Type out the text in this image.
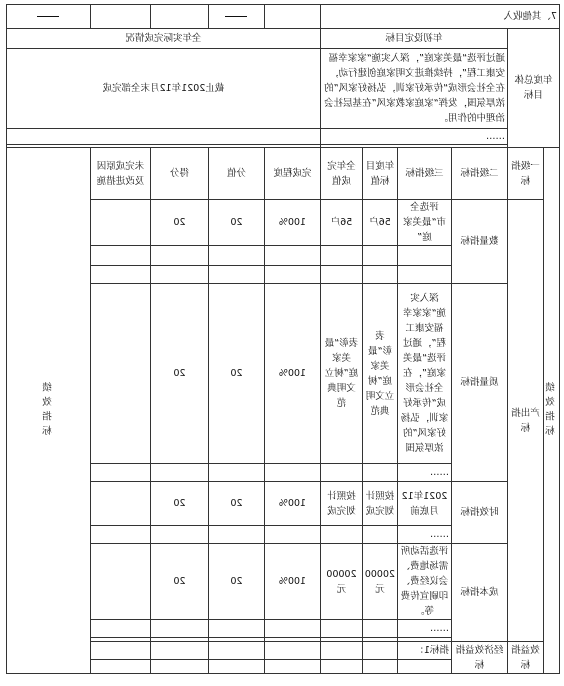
7、其他收入										
年度总体目标		年初设定目标				全年实际完成情况				
		通过评选“最美家庭”，深入实施“家家幸福安康工程”，持续推进文明家庭创建行动，在全社会形成“传承好家训，弘扬好家风”的浓厚氛围，发挥“家庭家教家风”在基层社会治理中的作用。				截止2021年12月末全部完成				
		……								

绩效指标	一级指标	二级指标	三级指标	年度目标值	全年完成值	完成程度	分值	得分	未完成原因及改进措施	绩效指标
	产出指标	数量指标	评选全市“最美家庭”	56户	56户	100%	20	20		

		质量指标	深入实施“家家幸福安康工程”，通过评选“最美家庭”，在全社会形成“传承好家训，弘扬好家风”的浓厚氛围	表彰“最美家庭”树立文明典范	表彰“最美家庭”树立文明典范	100%	20	20		
			……							
		时效指标	2021年12月底前	按照计划完成	按照计划完成	100%	20	20		
			……							
		成本指标	评选活动所需场地费、会议经费、印刷宣传费等。	20000元	20000元	100%	20	20		
			……							

	效益指标	经济效益指标	指标1：							
